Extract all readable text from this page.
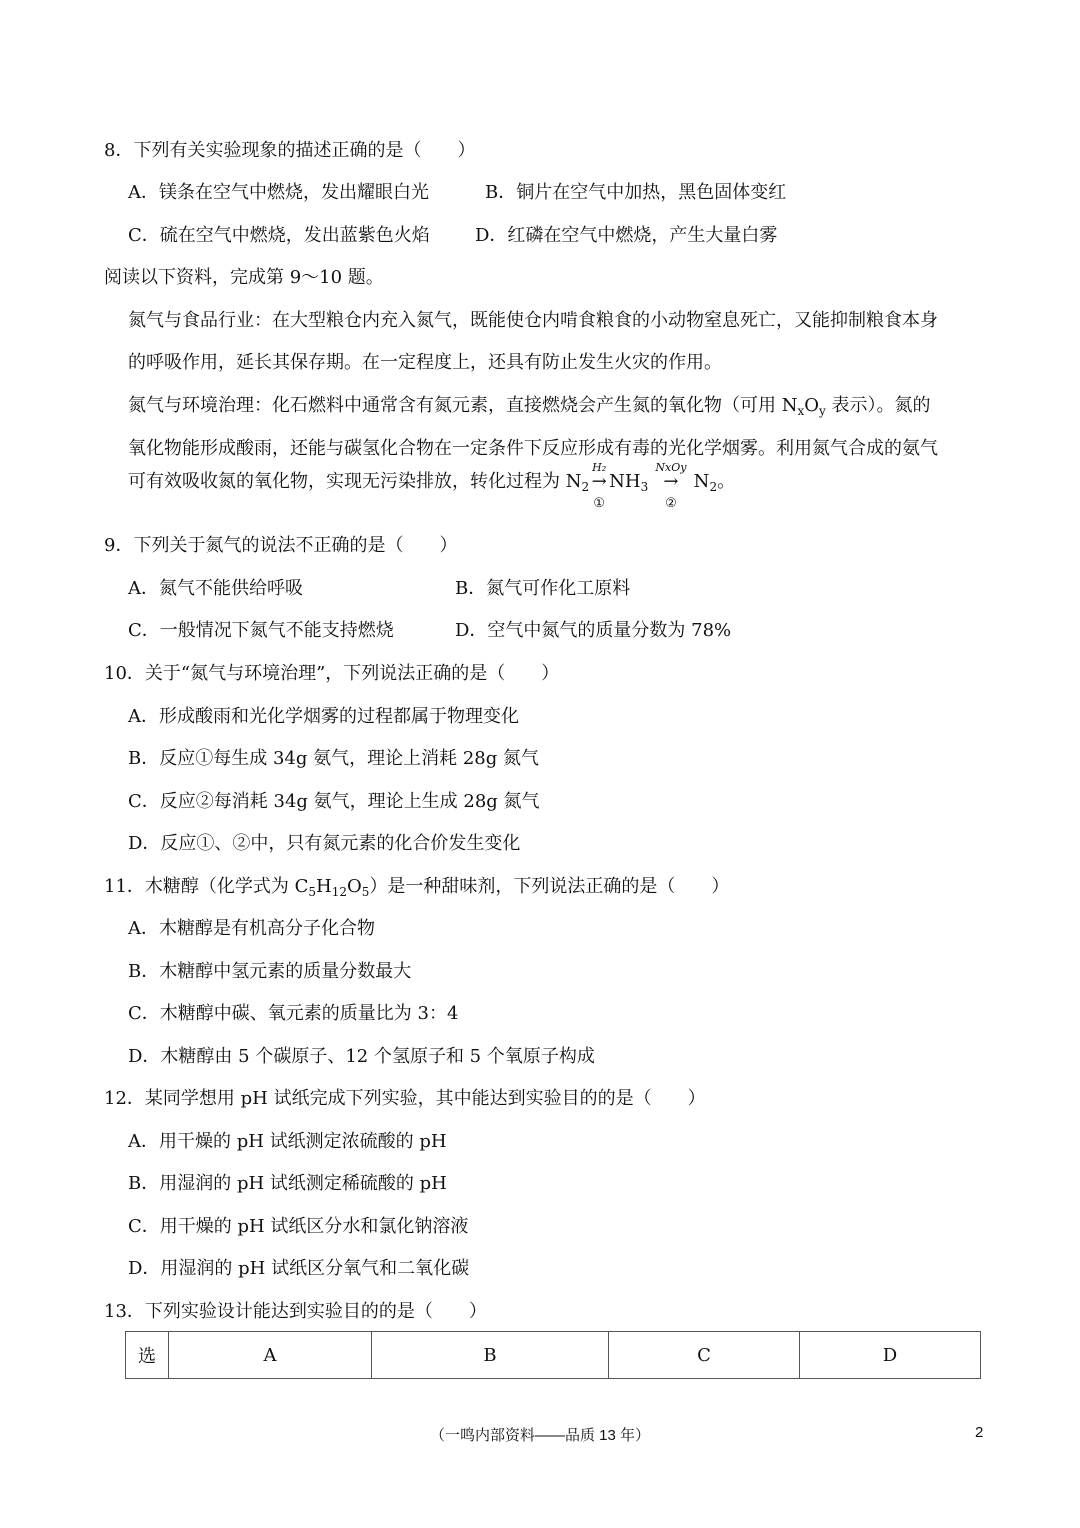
8．下列有关实验现象的描述正确的是（　　）
A．镁条在空气中燃烧，发出耀眼白光	B．铜片在空气中加热，黑色固体变红
C．硫在空气中燃烧，发出蓝紫色火焰	D．红磷在空气中燃烧，产生大量白雾
阅读以下资料，完成第 9～10 题。
氮气与食品行业：在大型粮仓内充入氮气，既能使仓内啃食粮食的小动物窒息死亡，又能抑制粮食本身
的呼吸作用，延长其保存期。在一定程度上，还具有防止发生火灾的作用。
氮气与环境治理：化石燃料中通常含有氮元素，直接燃烧会产生氮的氧化物（可用 $N_xO_y$ 表示）。氮的
氧化物能形成酸雨，还能与碳氢化合物在一定条件下反应形成有毒的光化学烟雾。利用氮气合成的氨气
可有效吸收氮的氧化物，实现无污染排放，转化过程为 $N_2$
H₂
→
①
$NH_3$
NxOy
→
②
$N_2$。
9．下列关于氮气的说法不正确的是（　　）
A．氮气不能供给呼吸	B．氮气可作化工原料
C．一般情况下氮气不能支持燃烧	D．空气中氮气的质量分数为 78%
10．关于“氮气与环境治理”，下列说法正确的是（　　）
A．形成酸雨和光化学烟雾的过程都属于物理变化
B．反应①每生成 34g 氨气，理论上消耗 28g 氮气
C．反应②每消耗 34g 氨气，理论上生成 28g 氮气
D．反应①、②中，只有氮元素的化合价发生变化
11．木糖醇（化学式为 $C_5H_{12}O_5$）是一种甜味剂，下列说法正确的是（　　）
A．木糖醇是有机高分子化合物
B．木糖醇中氢元素的质量分数最大
C．木糖醇中碳、氧元素的质量比为 3：4
D．木糖醇由 5 个碳原子、12 个氢原子和 5 个氧原子构成
12．某同学想用 pH 试纸完成下列实验，其中能达到实验目的的是（　　）
A．用干燥的 pH 试纸测定浓硫酸的 pH
B．用湿润的 pH 试纸测定稀硫酸的 pH
C．用干燥的 pH 试纸区分水和氯化钠溶液
D．用湿润的 pH 试纸区分氧气和二氧化碳
13．下列实验设计能达到实验目的的是（　　）
选	A	B	C	D
（一鸣内部资料——品质 13 年）	2
